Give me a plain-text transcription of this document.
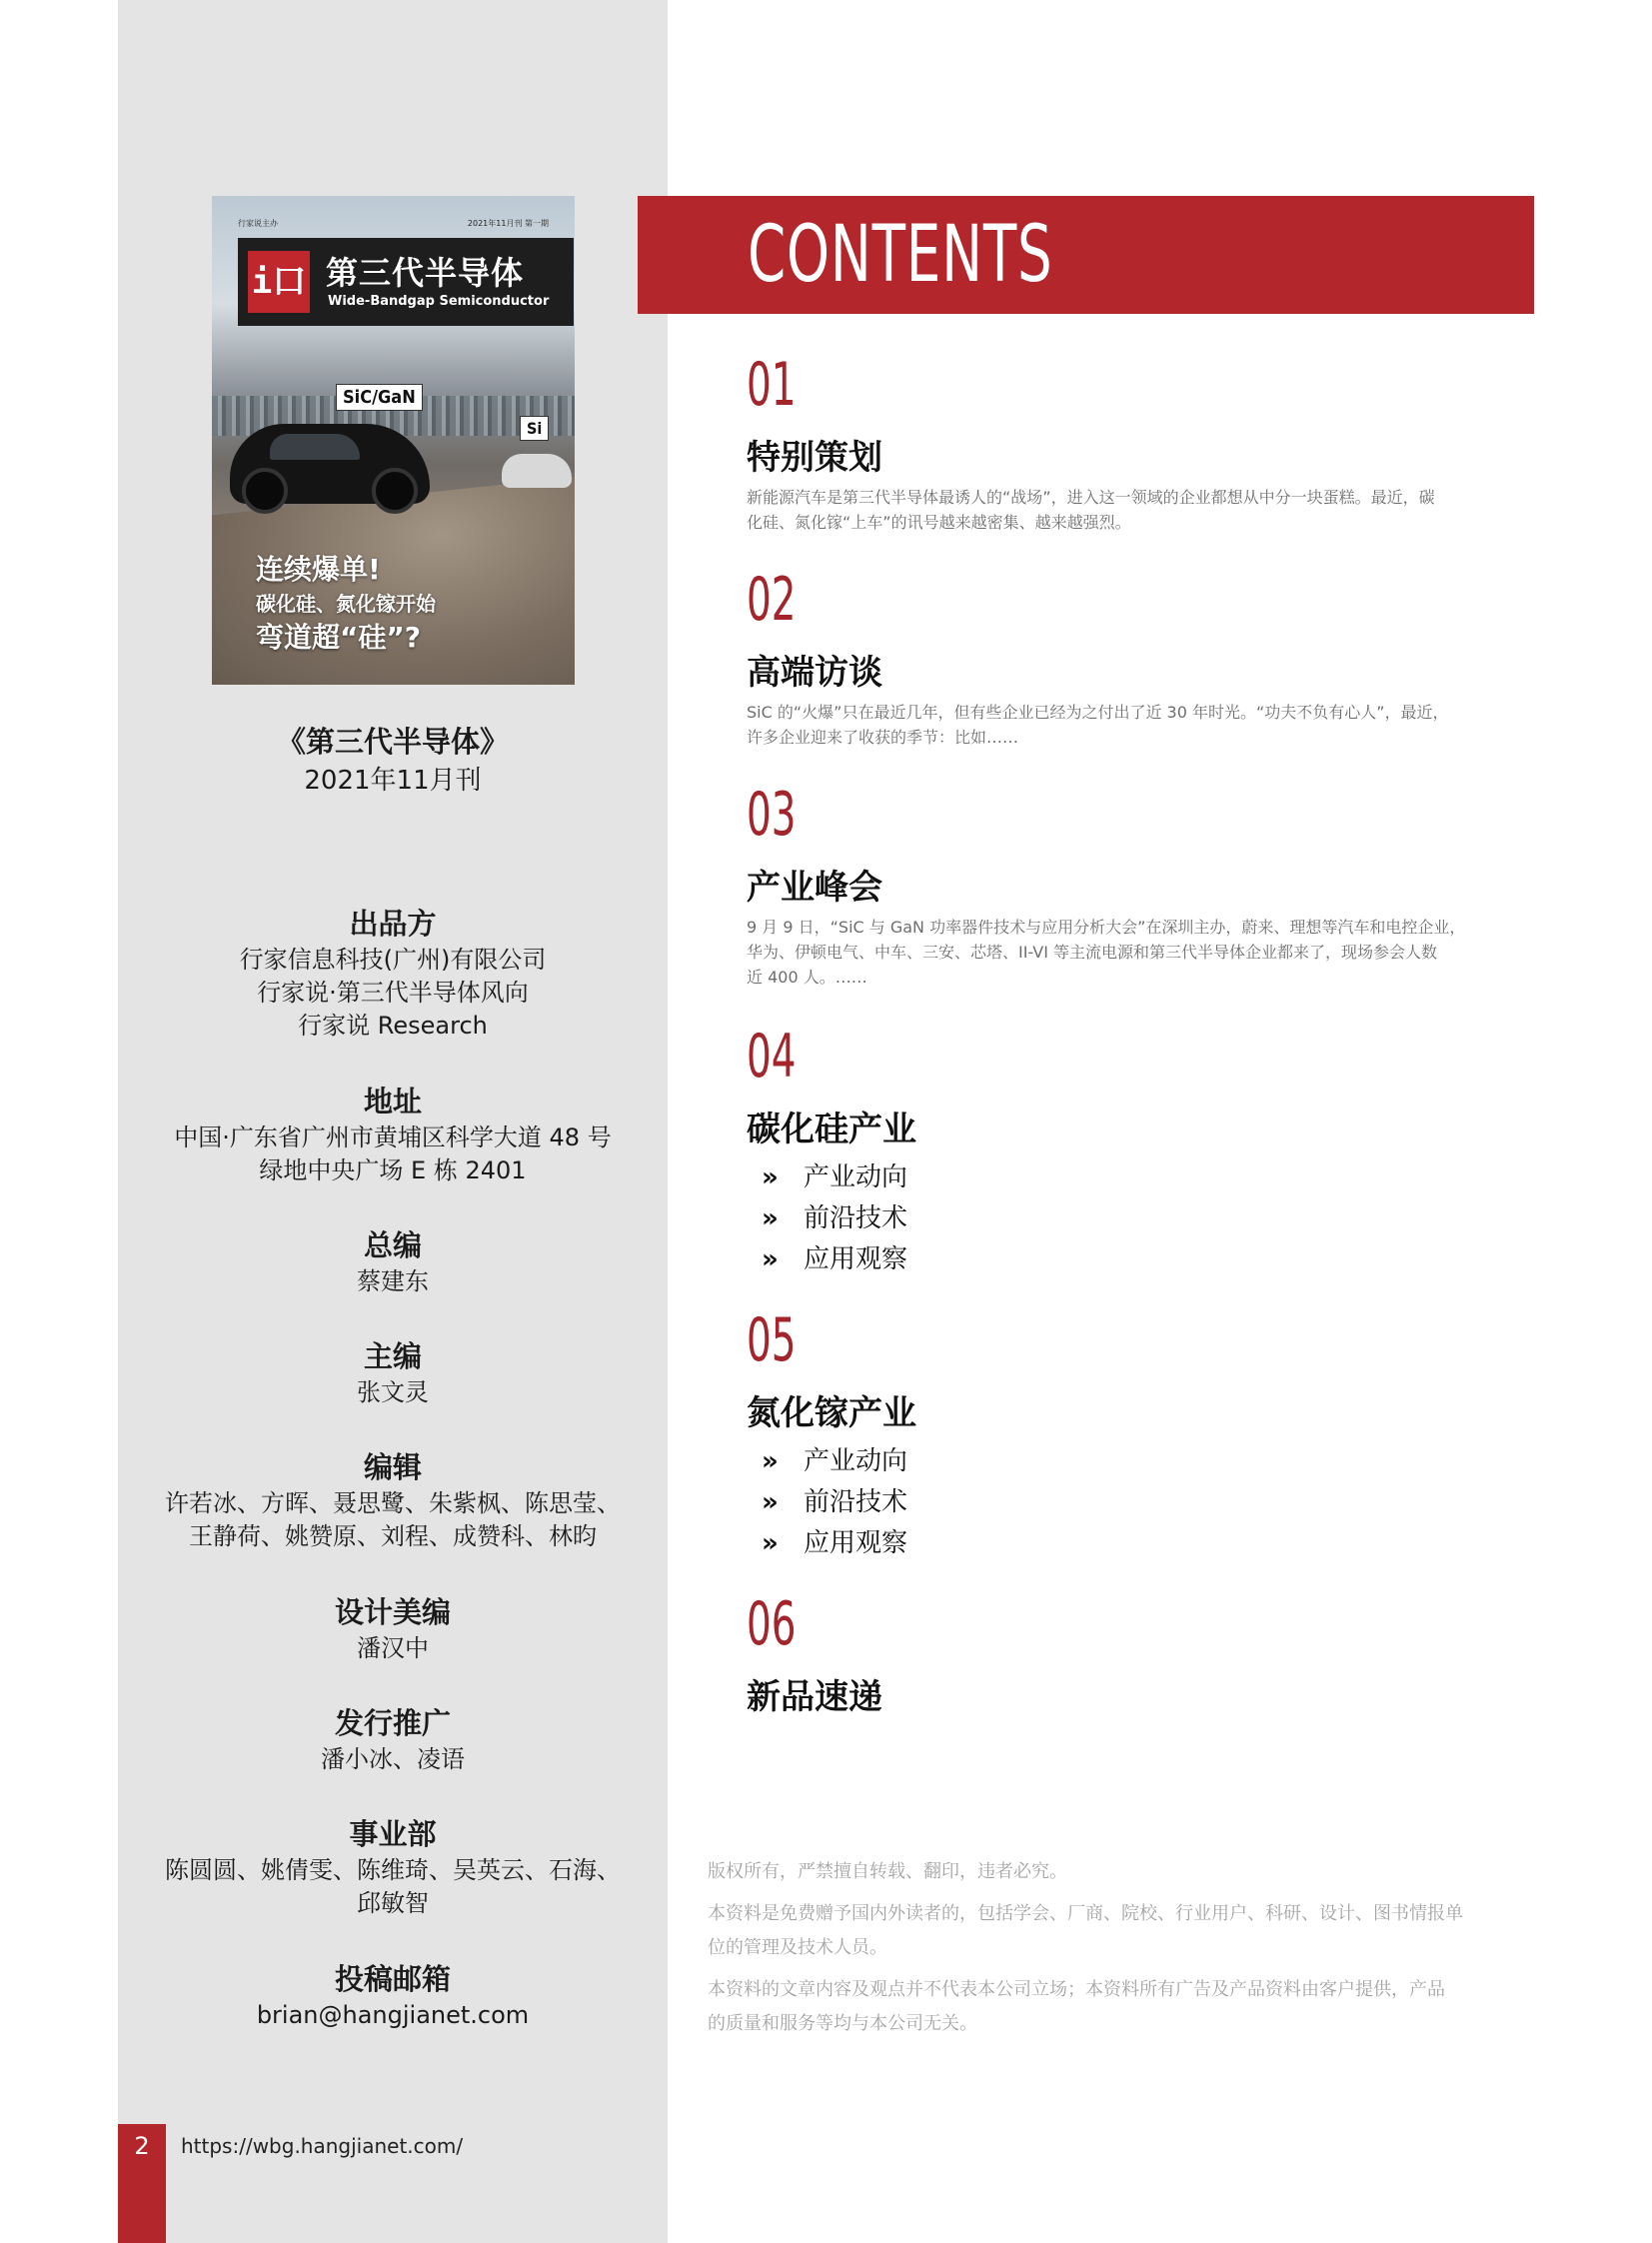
行家说主办	2021年11月刊 第一期
i口 第三代半导体
Wide-Bandgap Semiconductor
SiC/GaN
Si
连续爆单!
碳化硅、氮化镓开始
弯道超“硅”?
《第三代半导体》
2021年11月刊
出品方
行家信息科技(广州)有限公司
行家说·第三代半导体风向
行家说 Research
地址
中国·广东省广州市黄埔区科学大道 48 号
绿地中央广场 E 栋 2401
总编
蔡建东
主编
张文灵
编辑
许若冰、方晖、聂思鹭、朱紫枫、陈思莹、
王静荷、姚赞原、刘程、成赞科、林昀
设计美编
潘汉中
发行推广
潘小冰、凌语
事业部
陈圆圆、姚倩雯、陈维琦、吴英云、石海、
邱敏智
投稿邮箱
brian@hangjianet.com
2	https://wbg.hangjianet.com/
CONTENTS
01
特别策划
新能源汽车是第三代半导体最诱人的“战场”，进入这一领域的企业都想从中分一块蛋糕。最近，碳
化硅、氮化镓“上车”的讯号越来越密集、越来越强烈。
02
高端访谈
SiC 的“火爆”只在最近几年，但有些企业已经为之付出了近 30 年时光。“功夫不负有心人”，最近，
许多企业迎来了收获的季节：比如……
03
产业峰会
9 月 9 日，“SiC 与 GaN 功率器件技术与应用分析大会”在深圳主办，蔚来、理想等汽车和电控企业，
华为、伊顿电气、中车、三安、芯塔、II-VI 等主流电源和第三代半导体企业都来了，现场参会人数
近 400 人。……
04
碳化硅产业
» 产业动向
» 前沿技术
» 应用观察
05
氮化镓产业
» 产业动向
» 前沿技术
» 应用观察
06
新品速递
版权所有，严禁擅自转载、翻印，违者必究。
本资料是免费赠予国内外读者的，包括学会、厂商、院校、行业用户、科研、设计、图书情报单
位的管理及技术人员。
本资料的文章内容及观点并不代表本公司立场；本资料所有广告及产品资料由客户提供，产品
的质量和服务等均与本公司无关。
